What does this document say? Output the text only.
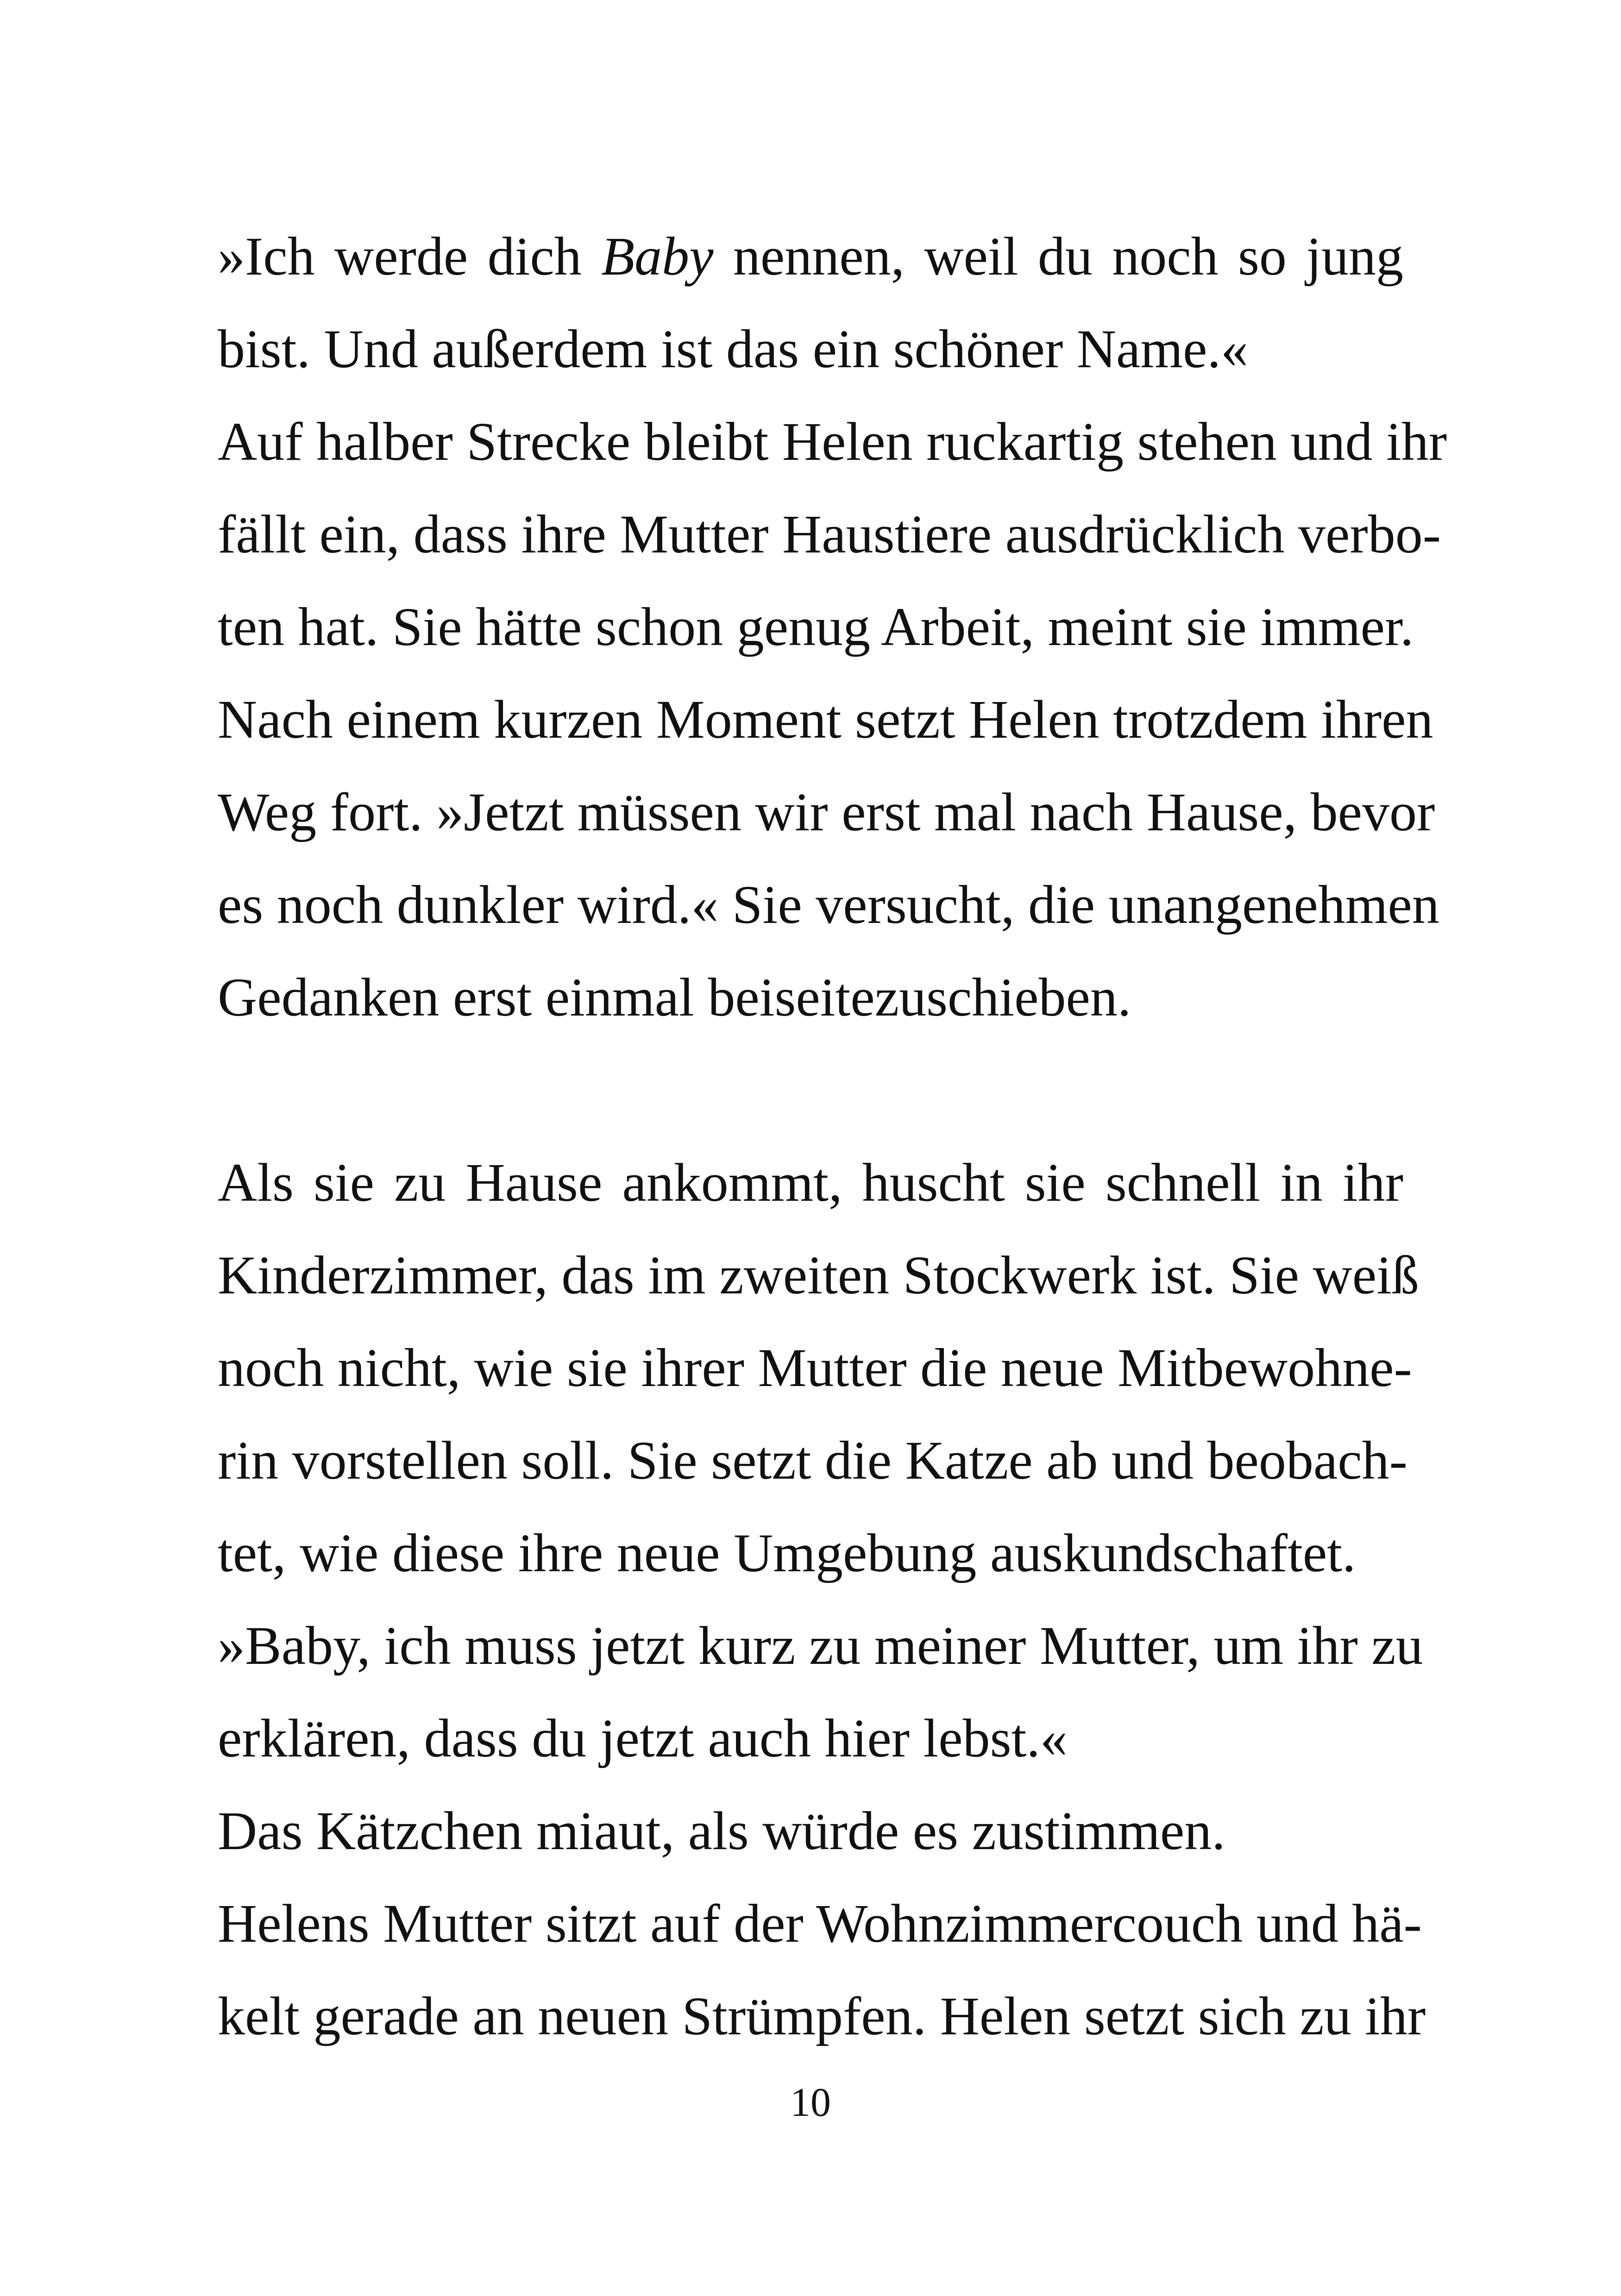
»Ich werde dich Baby nennen, weil du noch so jung
bist. Und außerdem ist das ein schöner Name.«
Auf halber Strecke bleibt Helen ruckartig stehen und ihr
fällt ein, dass ihre Mutter Haustiere ausdrücklich verbo-
ten hat. Sie hätte schon genug Arbeit, meint sie immer.
Nach einem kurzen Moment setzt Helen trotzdem ihren
Weg fort. »Jetzt müssen wir erst mal nach Hause, bevor
es noch dunkler wird.« Sie versucht, die unangenehmen
Gedanken erst einmal beiseitezuschieben.
Als sie zu Hause ankommt, huscht sie schnell in ihr
Kinderzimmer, das im zweiten Stockwerk ist. Sie weiß
noch nicht, wie sie ihrer Mutter die neue Mitbewohne-
rin vorstellen soll. Sie setzt die Katze ab und beobach-
tet, wie diese ihre neue Umgebung auskundschaftet.
»Baby, ich muss jetzt kurz zu meiner Mutter, um ihr zu
erklären, dass du jetzt auch hier lebst.«
Das Kätzchen miaut, als würde es zustimmen.
Helens Mutter sitzt auf der Wohnzimmercouch und hä-
kelt gerade an neuen Strümpfen. Helen setzt sich zu ihr
10
